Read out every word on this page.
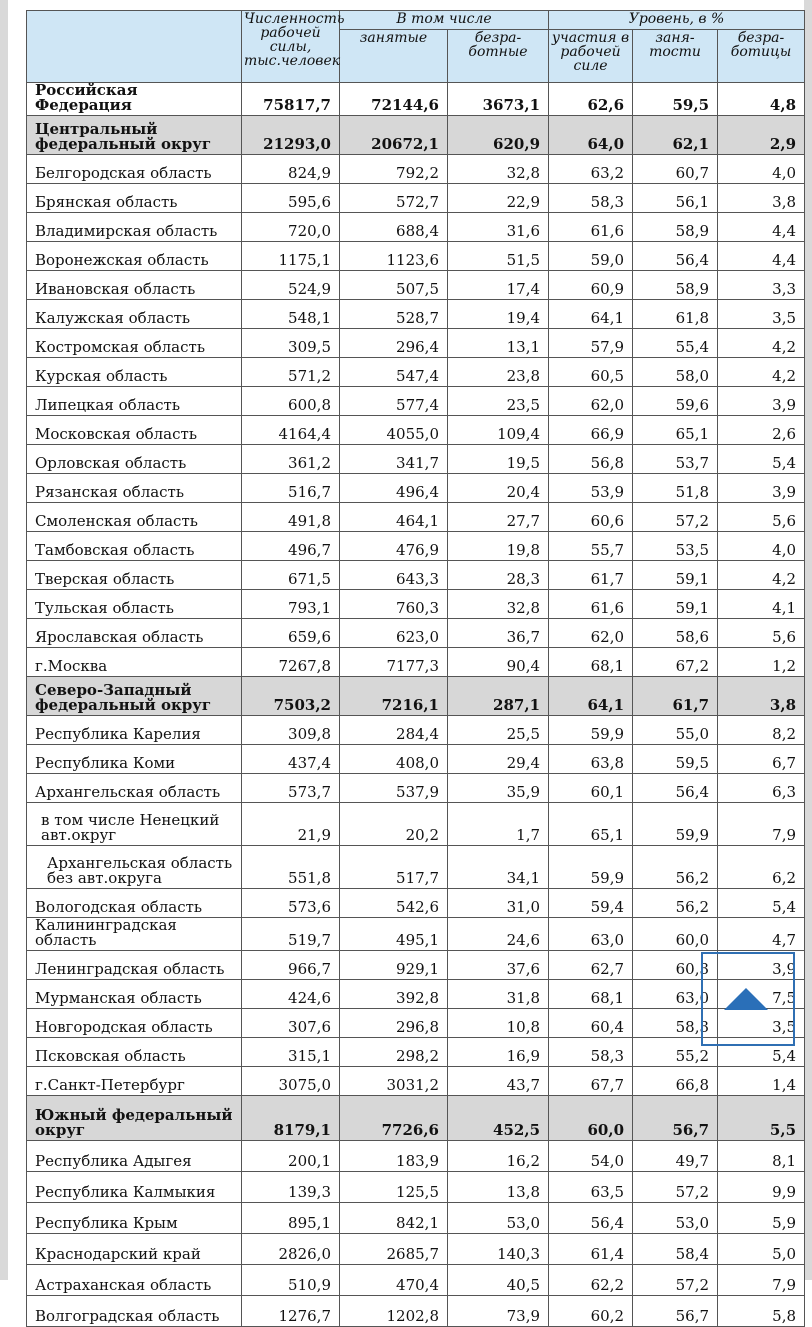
	Численность рабочей силы, тыс.человек	В том числе		Уровень, в %		
		занятые	безра-ботные	участия в рабочей силе	заня-тости	безра-ботицы
Российская Федерация	75817,7	72144,6	3673,1	62,6	59,5	4,8
Центральный федеральный округ	21293,0	20672,1	620,9	64,0	62,1	2,9
Белгородская область	824,9	792,2	32,8	63,2	60,7	4,0
Брянская область	595,6	572,7	22,9	58,3	56,1	3,8
Владимирская область	720,0	688,4	31,6	61,6	58,9	4,4
Воронежская область	1175,1	1123,6	51,5	59,0	56,4	4,4
Ивановская область	524,9	507,5	17,4	60,9	58,9	3,3
Калужская область	548,1	528,7	19,4	64,1	61,8	3,5
Костромская область	309,5	296,4	13,1	57,9	55,4	4,2
Курская область	571,2	547,4	23,8	60,5	58,0	4,2
Липецкая область	600,8	577,4	23,5	62,0	59,6	3,9
Московская область	4164,4	4055,0	109,4	66,9	65,1	2,6
Орловская область	361,2	341,7	19,5	56,8	53,7	5,4
Рязанская область	516,7	496,4	20,4	53,9	51,8	3,9
Смоленская область	491,8	464,1	27,7	60,6	57,2	5,6
Тамбовская область	496,7	476,9	19,8	55,7	53,5	4,0
Тверская область	671,5	643,3	28,3	61,7	59,1	4,2
Тульская область	793,1	760,3	32,8	61,6	59,1	4,1
Ярославская область	659,6	623,0	36,7	62,0	58,6	5,6
г.Москва	7267,8	7177,3	90,4	68,1	67,2	1,2
Северо-Западный федеральный округ	7503,2	7216,1	287,1	64,1	61,7	3,8
Республика Карелия	309,8	284,4	25,5	59,9	55,0	8,2
Республика Коми	437,4	408,0	29,4	63,8	59,5	6,7
Архангельская область	573,7	537,9	35,9	60,1	56,4	6,3
в том числе Ненецкий авт.округ	21,9	20,2	1,7	65,1	59,9	7,9
Архангельская область без авт.округа	551,8	517,7	34,1	59,9	56,2	6,2
Вологодская область	573,6	542,6	31,0	59,4	56,2	5,4
Калининградская область	519,7	495,1	24,6	63,0	60,0	4,7
Ленинградская область	966,7	929,1	37,6	62,7	60,3	3,9
Мурманская область	424,6	392,8	31,8	68,1	63,0	7,5
Новгородская область	307,6	296,8	10,8	60,4	58,3	3,5
Псковская область	315,1	298,2	16,9	58,3	55,2	5,4
г.Санкт-Петербург	3075,0	3031,2	43,7	67,7	66,8	1,4
Южный федеральный округ	8179,1	7726,6	452,5	60,0	56,7	5,5
Республика Адыгея	200,1	183,9	16,2	54,0	49,7	8,1
Республика Калмыкия	139,3	125,5	13,8	63,5	57,2	9,9
Республика Крым	895,1	842,1	53,0	56,4	53,0	5,9
Краснодарский край	2826,0	2685,7	140,3	61,4	58,4	5,0
Астраханская область	510,9	470,4	40,5	62,2	57,2	7,9
Волгоградская область	1276,7	1202,8	73,9	60,2	56,7	5,8
